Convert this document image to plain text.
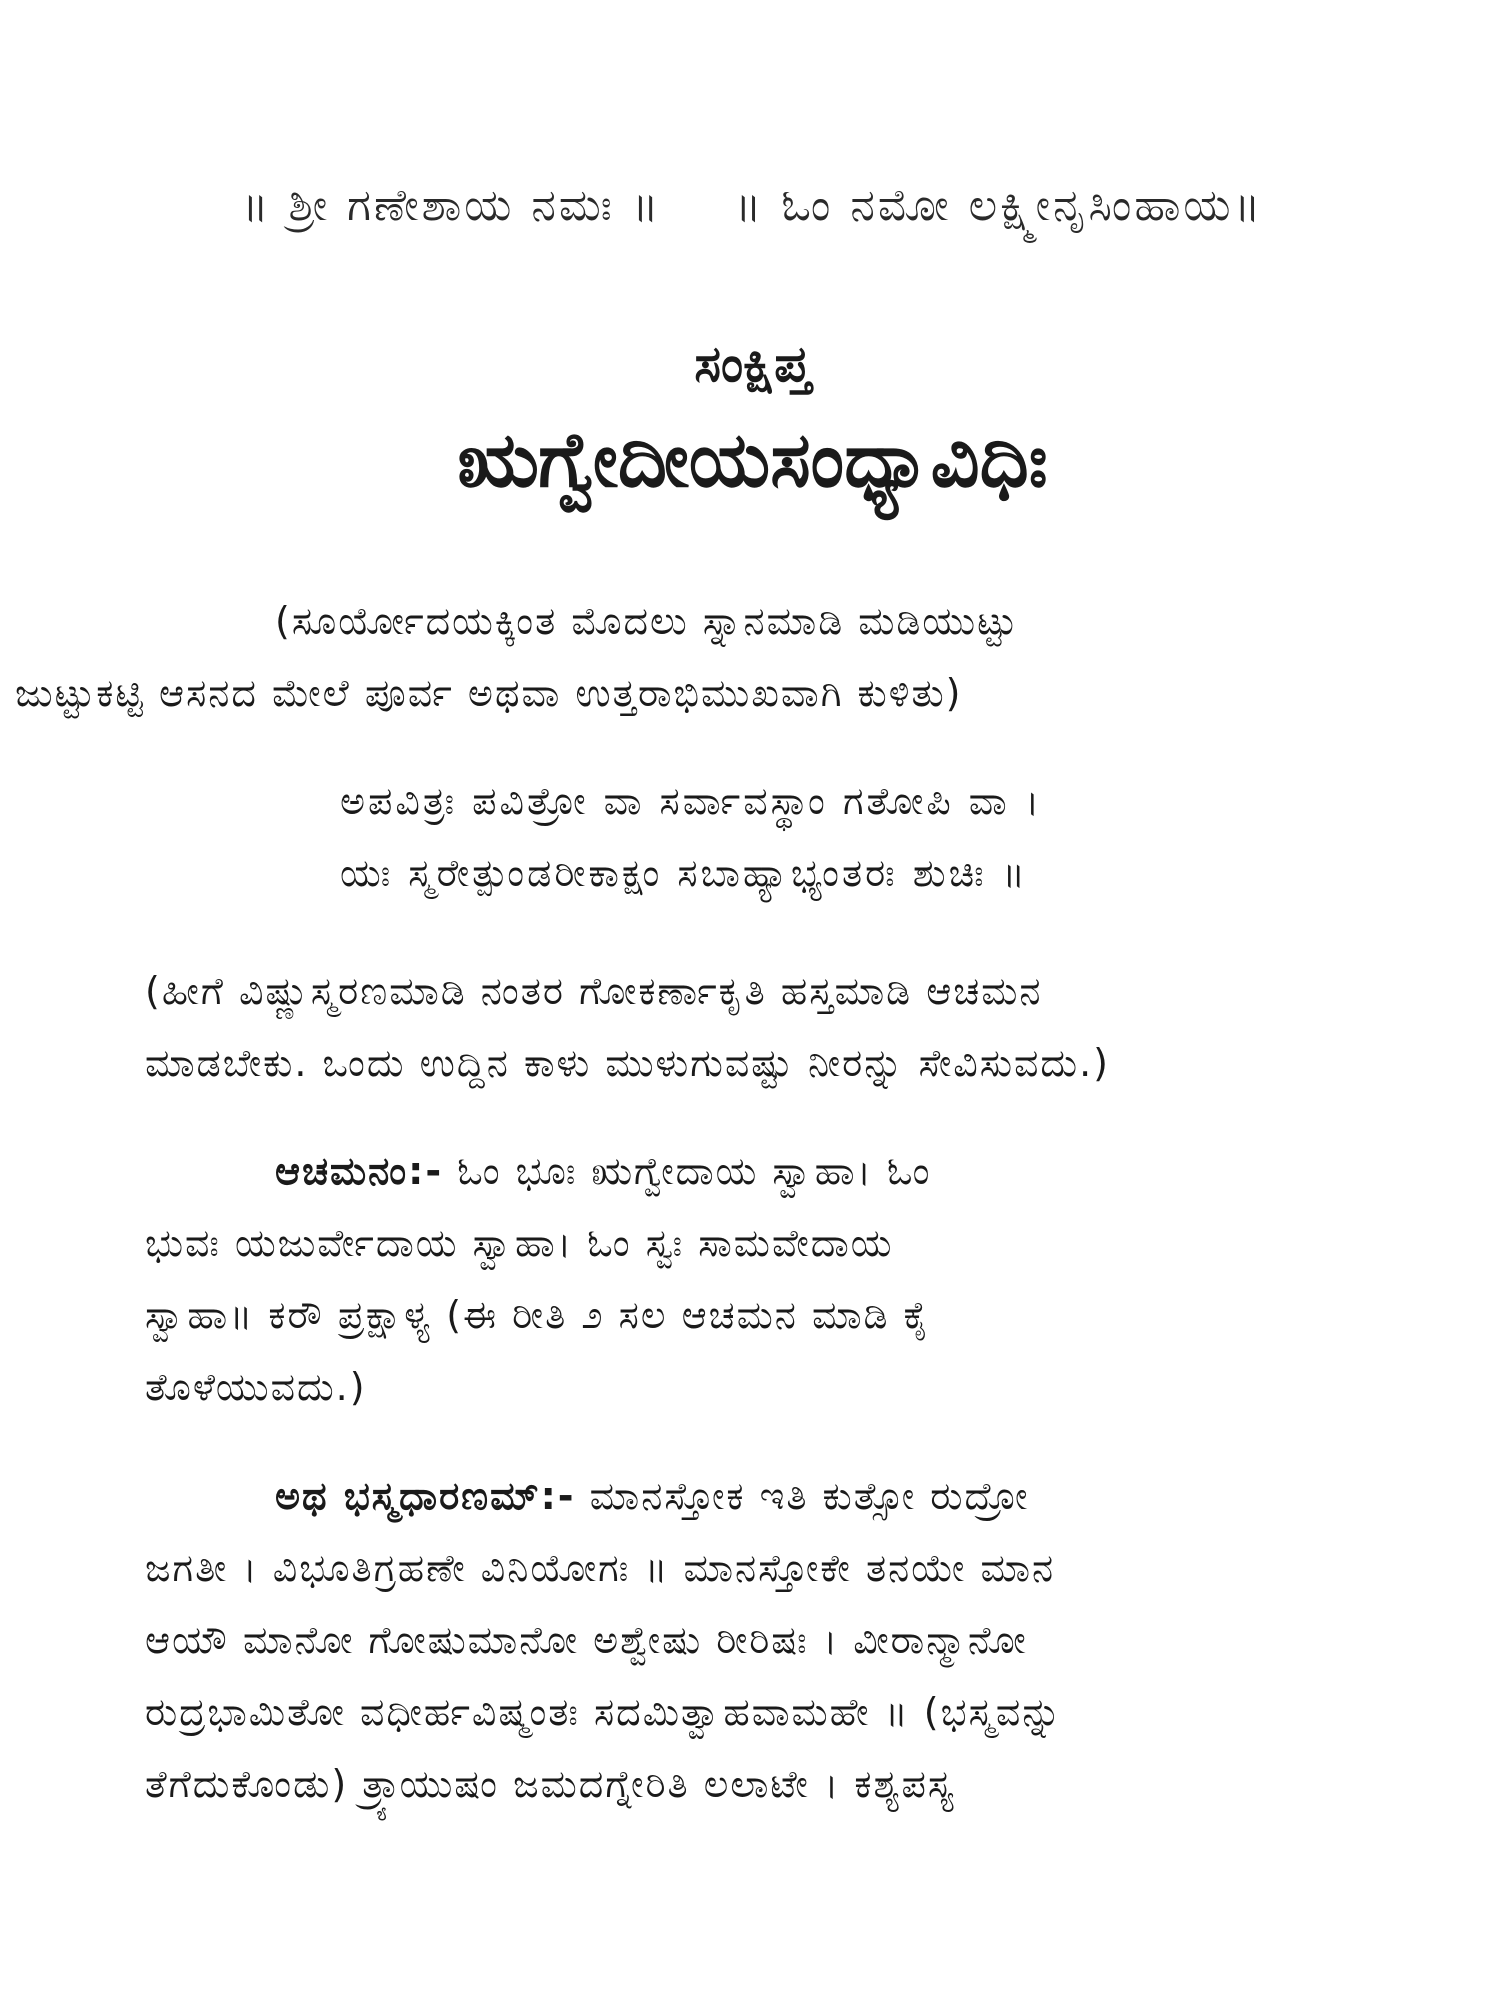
॥ ಶ್ರೀ ಗಣೇಶಾಯ ನಮಃ ॥ ॥ ಓಂ ನಮೋ ಲಕ್ಷ್ಮೀನೃಸಿಂಹಾಯ॥
ಸಂಕ್ಷಿಪ್ತ
ಋಗ್ವೇದೀಯಸಂಧ್ಯಾವಿಧಿಃ
(ಸೂರ್ಯೋದಯಕ್ಕಿಂತ ಮೊದಲು ಸ್ನಾನಮಾಡಿ ಮಡಿಯುಟ್ಟು
ಜುಟ್ಟುಕಟ್ಟಿ ಆಸನದ ಮೇಲೆ ಪೂರ್ವ ಅಥವಾ ಉತ್ತರಾಭಿಮುಖವಾಗಿ ಕುಳಿತು)
ಅಪವಿತ್ರಃ ಪವಿತ್ರೋ ವಾ ಸರ್ವಾವಸ್ಥಾಂ ಗತೋಪಿ ವಾ ।
ಯಃ ಸ್ಮರೇತ್ಪುಂಡರೀಕಾಕ್ಷಂ ಸಬಾಹ್ಯಾಭ್ಯಂತರಃ ಶುಚಿಃ ॥
(ಹೀಗೆ ವಿಷ್ಣುಸ್ಮರಣಮಾಡಿ ನಂತರ ಗೋಕರ್ಣಾಕೃತಿ ಹಸ್ತಮಾಡಿ ಆಚಮನ
ಮಾಡಬೇಕು. ಒಂದು ಉದ್ದಿನ ಕಾಳು ಮುಳುಗುವಷ್ಟು ನೀರನ್ನು ಸೇವಿಸುವದು.)
ಆಚಮನಂ:- ಓಂ ಭೂಃ ಋಗ್ವೇದಾಯ ಸ್ವಾಹಾ। ಓಂ
ಭುವಃ ಯಜುರ್ವೇದಾಯ ಸ್ವಾಹಾ। ಓಂ ಸ್ವಃ ಸಾಮವೇದಾಯ
ಸ್ವಾಹಾ॥ ಕರೌ ಪ್ರಕ್ಷಾಳ್ಯ (ಈ ರೀತಿ ೨ ಸಲ ಆಚಮನ ಮಾಡಿ ಕೈ
ತೊಳೆಯುವದು.)
ಅಥ ಭಸ್ಮಧಾರಣಮ್:- ಮಾನಸ್ತೋಕ ಇತಿ ಕುತ್ಸೋ ರುದ್ರೋ
ಜಗತೀ । ವಿಭೂತಿಗ್ರಹಣೇ ವಿನಿಯೋಗಃ ॥ ಮಾನಸ್ತೋಕೇ ತನಯೇ ಮಾನ
ಆಯೌ ಮಾನೋ ಗೋಷುಮಾನೋ ಅಶ್ವೇಷು ರೀರಿಷಃ । ವೀರಾನ್ಮಾನೋ
ರುದ್ರಭಾಮಿತೋ ವಧೀರ್ಹವಿಷ್ಮಂತಃ ಸದಮಿತ್ವಾಹವಾಮಹೇ ॥ (ಭಸ್ಮವನ್ನು
ತೆಗೆದುಕೊಂಡು) ತ್ರ್ಯಾಯುಷಂ ಜಮದಗ್ನೇರಿತಿ ಲಲಾಟೇ । ಕಶ್ಯಪಸ್ಯ
